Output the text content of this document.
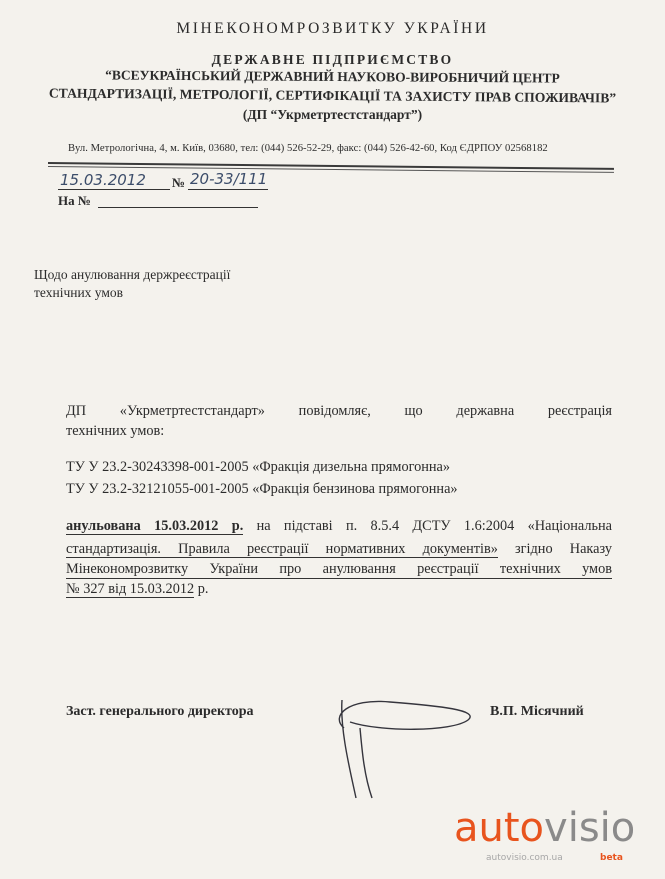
МІНЕКОНОМРОЗВИТКУ УКРАЇНИ
ДЕРЖАВНЕ ПІДПРИЄМСТВО
“ВСЕУКРАЇНСЬКИЙ ДЕРЖАВНИЙ НАУКОВО-ВИРОБНИЧИЙ ЦЕНТР
СТАНДАРТИЗАЦІЇ, МЕТРОЛОГІЇ, СЕРТИФІКАЦІЇ ТА ЗАХИСТУ ПРАВ СПОЖИВАЧІВ”
(ДП “Укрметртестстандарт”)
Вул. Метрологічна, 4, м. Київ, 03680, тел: (044) 526-52-29, факс: (044) 526-42-60, Код ЄДРПОУ 02568182
15.03.2012 № 20-33/111
На №
Щодо анулювання держреєстрації
технічних умов
ДП «Укрметртестстандарт» повідомляє, що державна реєстрація
технічних умов:
ТУ У 23.2-30243398-001-2005 «Фракція дизельна прямогонна»
ТУ У 23.2-32121055-001-2005 «Фракція бензинова прямогонна»
анульована 15.03.2012 р. на підставі п. 8.5.4 ДСТУ 1.6:2004 «Національна
стандартизація. Правила реєстрації нормативних документів» згідно Наказу
Мінекономрозвитку України про анулювання реєстрації технічних умов
№ 327 від 15.03.2012 р.
Заст. генерального директора	В.П. Місячний
autovisio
autovisio.com.ua	beta
